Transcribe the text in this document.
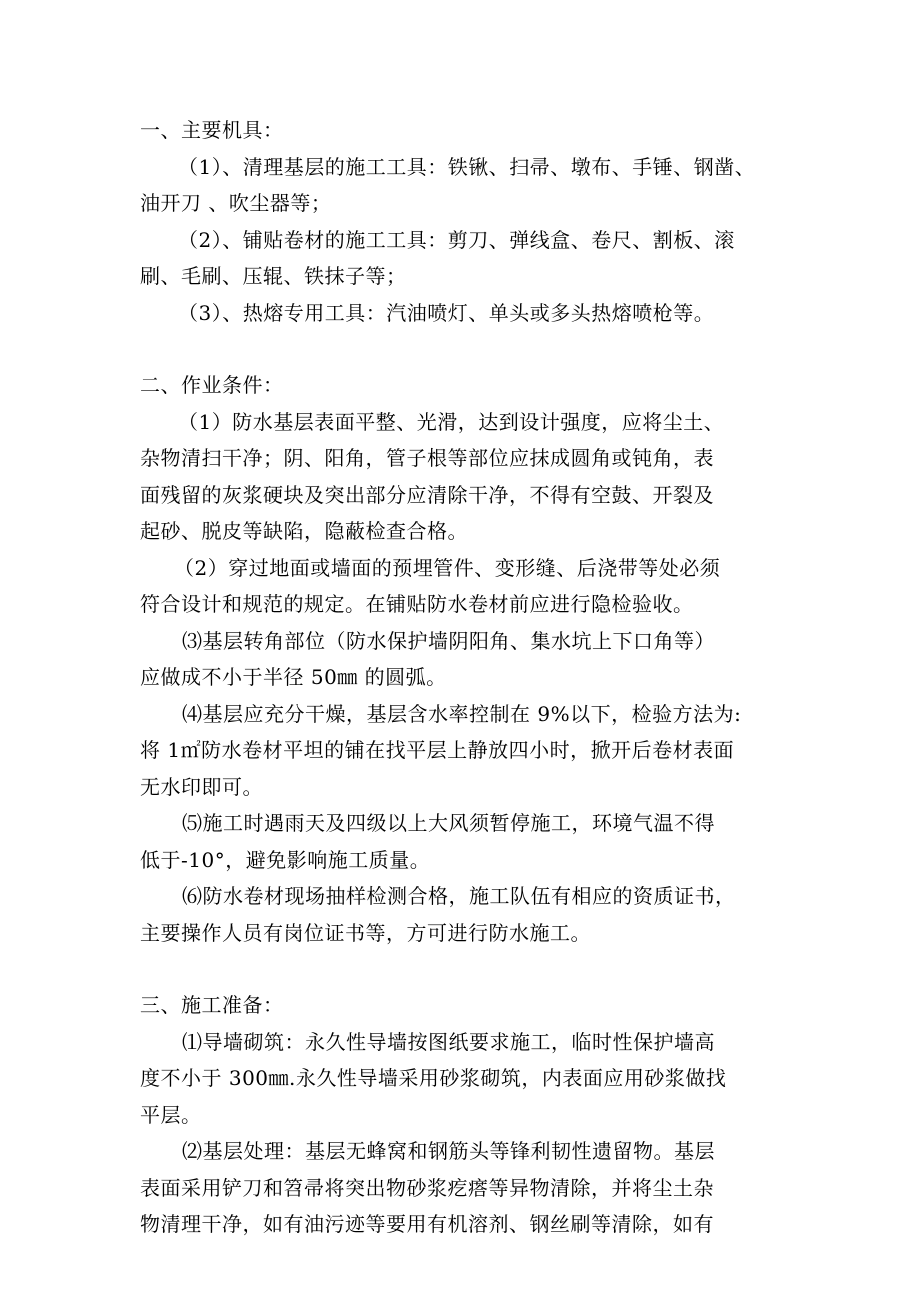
一、主要机具：

（1）、清理基层的施工工具：铁锹、扫帚、墩布、手锤、钢凿、

油开刀 、吹尘器等；

（2）、铺贴卷材的施工工具：剪刀、弹线盒、卷尺、割板、滚

刷、毛刷、压辊、铁抹子等；

（3）、热熔专用工具：汽油喷灯、单头或多头热熔喷枪等。

二、作业条件：

（1）防水基层表面平整、光滑，达到设计强度，应将尘土、

杂物清扫干净；阴、阳角，管子根等部位应抹成圆角或钝角，表

面残留的灰浆硬块及突出部分应清除干净，不得有空鼓、开裂及

起砂、脱皮等缺陷，隐蔽检查合格。

（2）穿过地面或墙面的预埋管件、变形缝、后浇带等处必须

符合设计和规范的规定。在铺贴防水卷材前应进行隐检验收。

⑶基层转角部位（防水保护墙阴阳角、集水坑上下口角等）

应做成不小于半径 50㎜ 的圆弧。

⑷基层应充分干燥，基层含水率控制在 9%以下，检验方法为:

将 1㎡防水卷材平坦的铺在找平层上静放四小时，掀开后卷材表面

无水印即可。

⑸施工时遇雨天及四级以上大风须暂停施工，环境气温不得

低于-10°，避免影响施工质量。

⑹防水卷材现场抽样检测合格，施工队伍有相应的资质证书，

主要操作人员有岗位证书等，方可进行防水施工。

三、施工准备：

⑴导墙砌筑：永久性导墙按图纸要求施工，临时性保护墙高

度不小于 300㎜.永久性导墙采用砂浆砌筑，内表面应用砂浆做找

平层。

⑵基层处理：基层无蜂窝和钢筋头等锋利韧性遗留物。基层

表面采用铲刀和笤帚将突出物砂浆疙瘩等异物清除，并将尘土杂

物清理干净，如有油污迹等要用有机溶剂、钢丝刷等清除，如有
